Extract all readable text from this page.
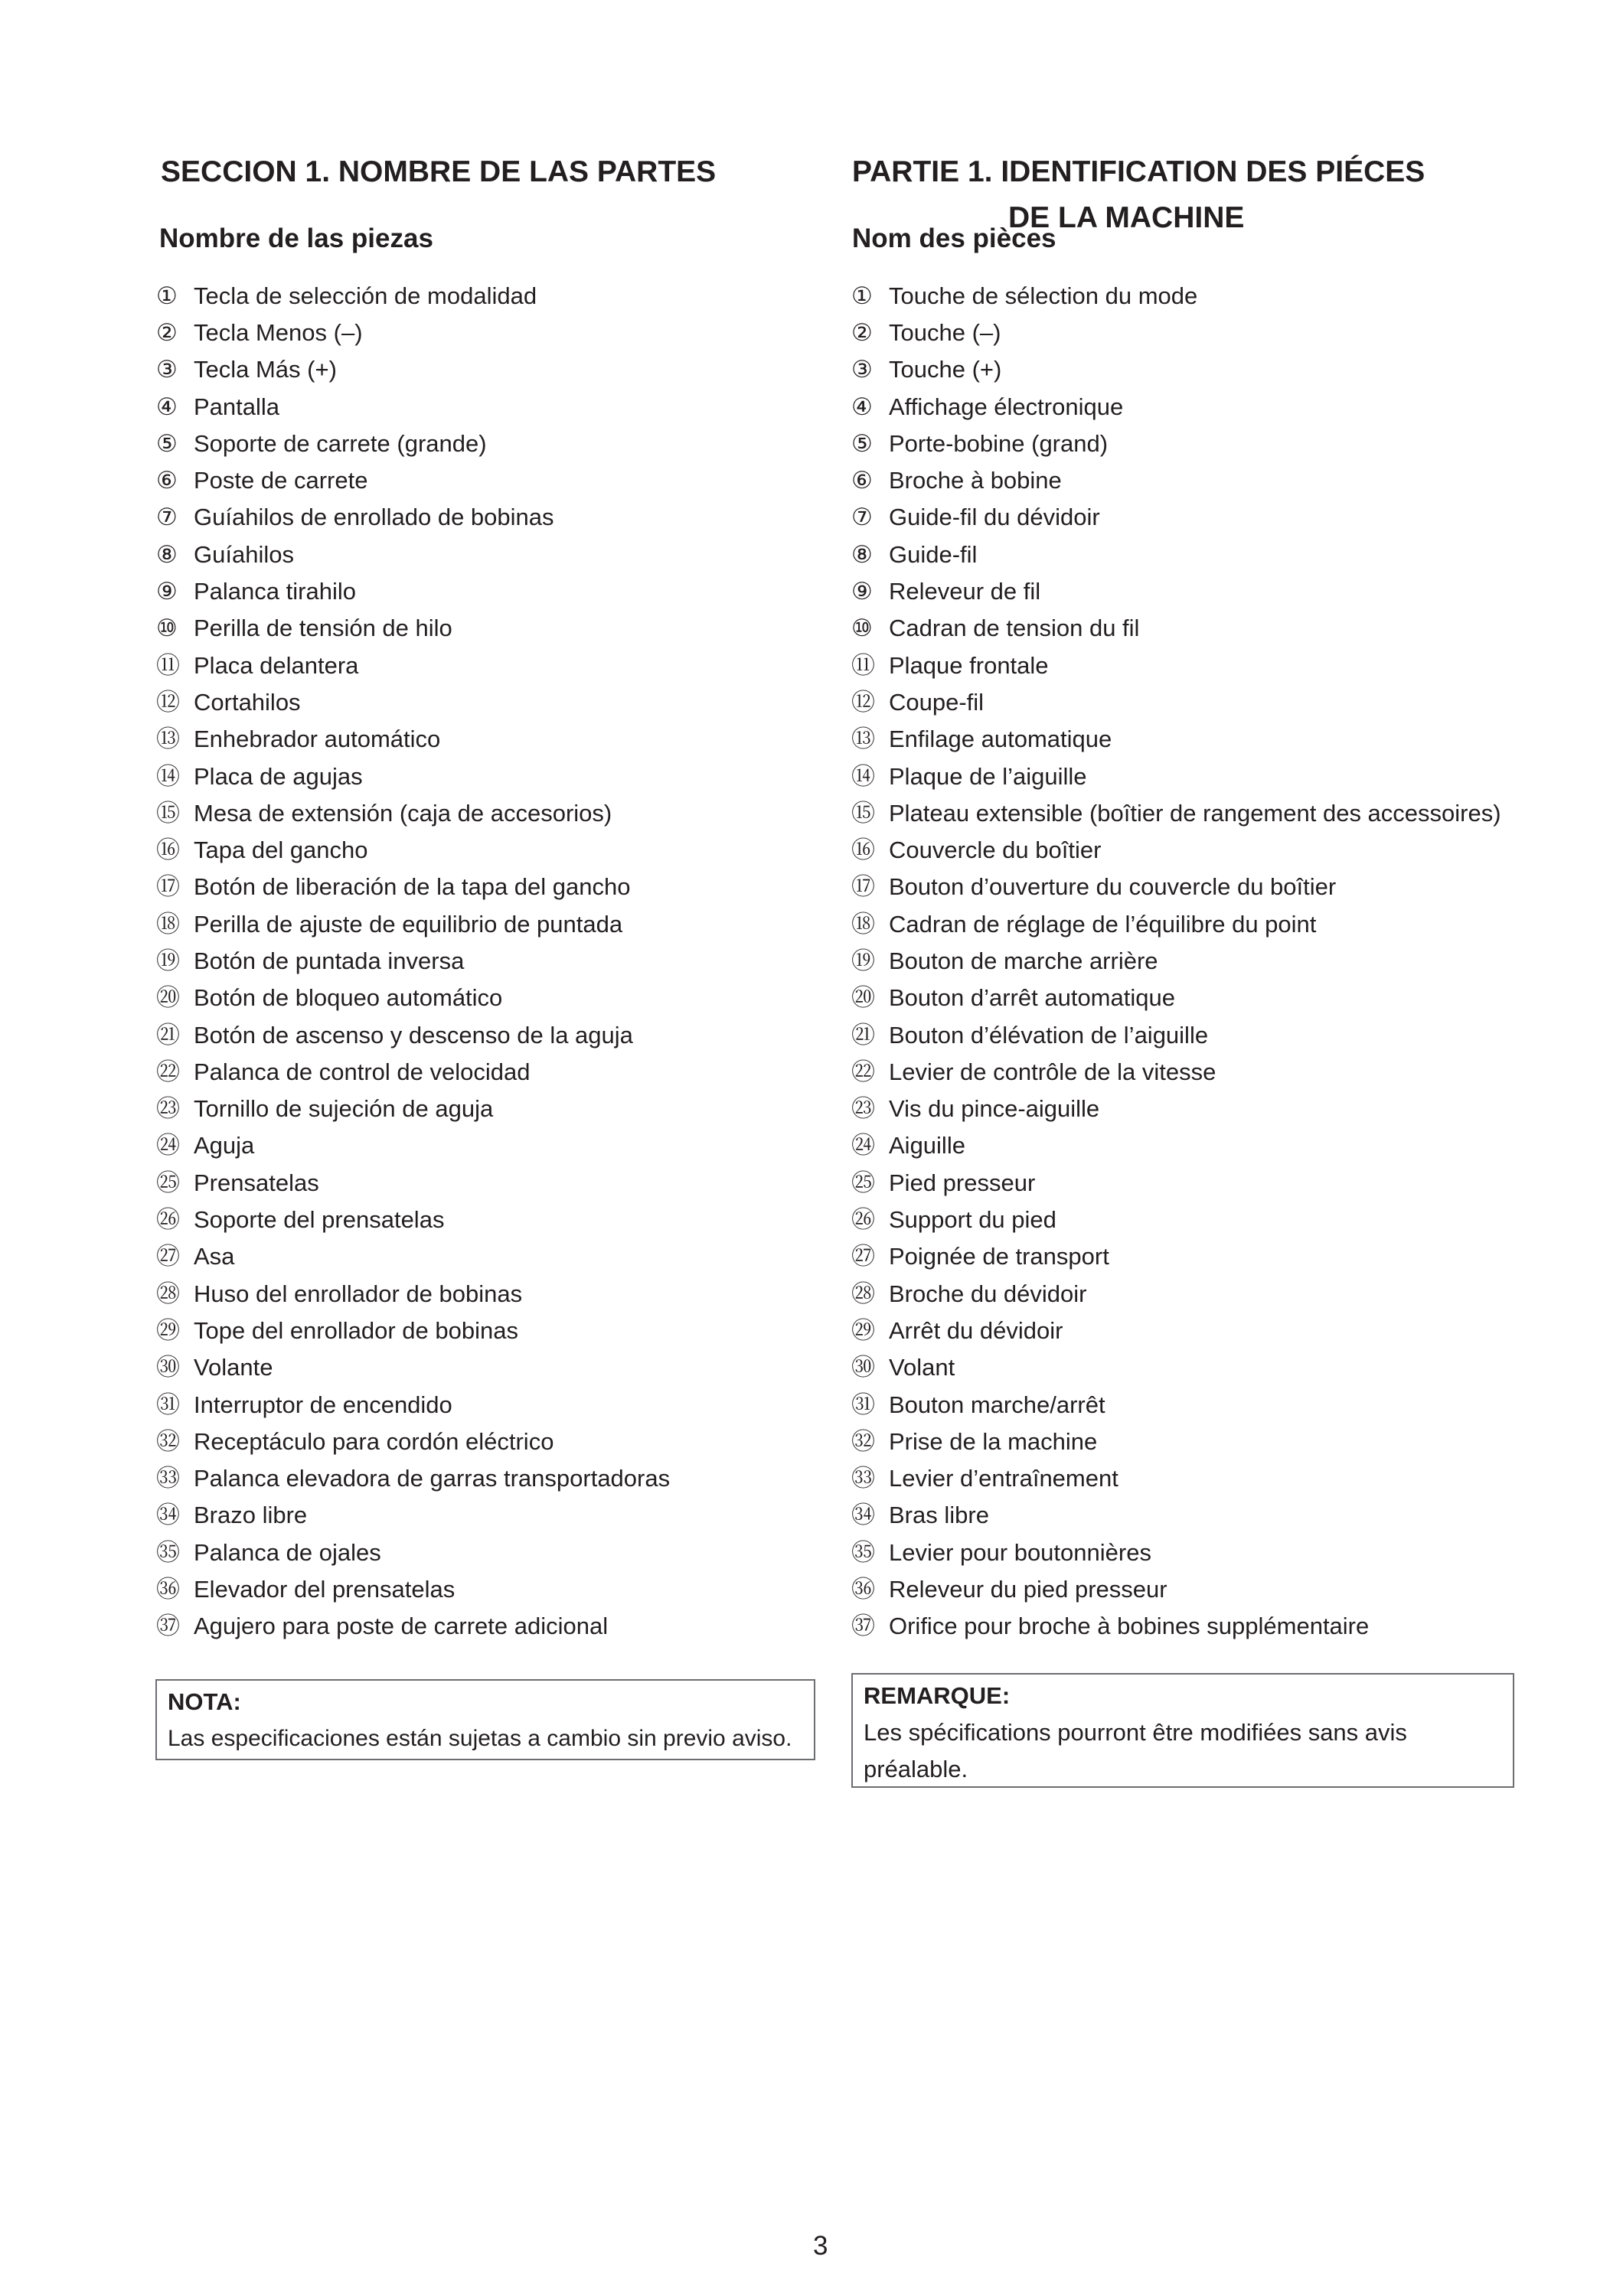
SECCION 1. NOMBRE DE LAS PARTES
Nombre de las piezas
① Tecla de selección de modalidad
② Tecla Menos (–)
③ Tecla Más (+)
④ Pantalla
⑤ Soporte de carrete (grande)
⑥ Poste de carrete
⑦ Guíahilos de enrollado de bobinas
⑧ Guíahilos
⑨ Palanca tirahilo
⑩ Perilla de tensión de hilo
⑪ Placa delantera
⑫ Cortahilos
⑬ Enhebrador automático
⑭ Placa de agujas
⑮ Mesa de extensión (caja de accesorios)
⑯ Tapa del gancho
⑰ Botón de liberación de la tapa del gancho
⑱ Perilla de ajuste de equilibrio de puntada
⑲ Botón de puntada inversa
⑳ Botón de bloqueo automático
㉑ Botón de ascenso y descenso de la aguja
㉒ Palanca de control de velocidad
㉓ Tornillo de sujeción de aguja
㉔ Aguja
㉕ Prensatelas
㉖ Soporte del prensatelas
㉗ Asa
㉘ Huso del enrollador de bobinas
㉙ Tope del enrollador de bobinas
㉚ Volante
㉛ Interruptor de encendido
㉜ Receptáculo para cordón eléctrico
㉝ Palanca elevadora de garras transportadoras
㉞ Brazo libre
㉟ Palanca de ojales
㊱ Elevador del prensatelas
㊲ Agujero para poste de carrete adicional

NOTA:

Las especificaciones están sujetas a cambio sin previo aviso.

PARTIE 1. IDENTIFICATION DES PIÉCES
DE LA MACHINE
Nom des pièces
① Touche de sélection du mode
② Touche (–)
③ Touche (+)
④ Affichage électronique
⑤ Porte-bobine (grand)
⑥ Broche à bobine
⑦ Guide-fil du dévidoir
⑧ Guide-fil
⑨ Releveur de fil
⑩ Cadran de tension du fil
⑪ Plaque frontale
⑫ Coupe-fil
⑬ Enfilage automatique
⑭ Plaque de l’aiguille
⑮ Plateau extensible (boîtier de rangement des accessoires)
⑯ Couvercle du boîtier
⑰ Bouton d’ouverture du couvercle du boîtier
⑱ Cadran de réglage de l’équilibre du point
⑲ Bouton de marche arrière
⑳ Bouton d’arrêt automatique
㉑ Bouton d’élévation de l’aiguille
㉒ Levier de contrôle de la vitesse
㉓ Vis du pince-aiguille
㉔ Aiguille
㉕ Pied presseur
㉖ Support du pied
㉗ Poignée de transport
㉘ Broche du dévidoir
㉙ Arrêt du dévidoir
㉚ Volant
㉛ Bouton marche/arrêt
㉜ Prise de la machine
㉝ Levier d’entraînement
㉞ Bras libre
㉟ Levier pour boutonnières
㊱ Releveur du pied presseur
㊲ Orifice pour broche à bobines supplémentaire

REMARQUE:

Les spécifications pourront être modifiées sans avis préalable.

3
